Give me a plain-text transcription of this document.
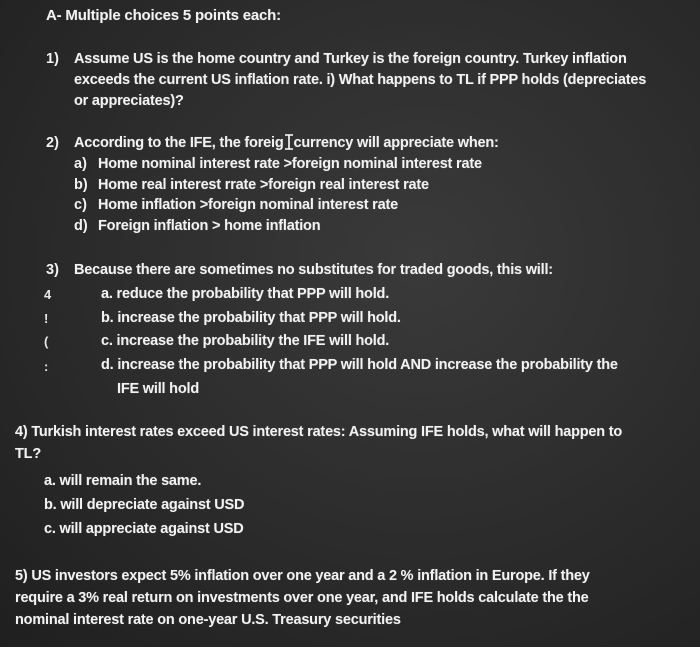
A- Multiple choices 5 points each:
1) Assume US is the home country and Turkey is the foreign country. Turkey inflation
exceeds the current US inflation rate. i) What happens to TL if PPP holds (depreciates
or appreciates)?
2) According to the IFE, the foreig currency will appreciate when:
a) Home nominal interest rate >foreign nominal interest rate
b) Home real interest rrate >foreign real interest rate
c) Home inflation >foreign nominal interest rate
d) Foreign inflation > home inflation
3) Because there are sometimes no substitutes for traded goods, this will:
4
!
(
:
a. reduce the probability that PPP will hold.
b. increase the probability that PPP will hold.
c. increase the probability the IFE will hold.
d. increase the probability that PPP will hold AND increase the probability the
IFE will hold
4) Turkish interest rates exceed US interest rates: Assuming IFE holds, what will happen to
TL?
a. will remain the same.
b. will depreciate against USD
c. will appreciate against USD
5) US investors expect 5% inflation over one year and a 2 % inflation in Europe. If they
require a 3% real return on investments over one year, and IFE holds calculate the the
nominal interest rate on one-year U.S. Treasury securities
